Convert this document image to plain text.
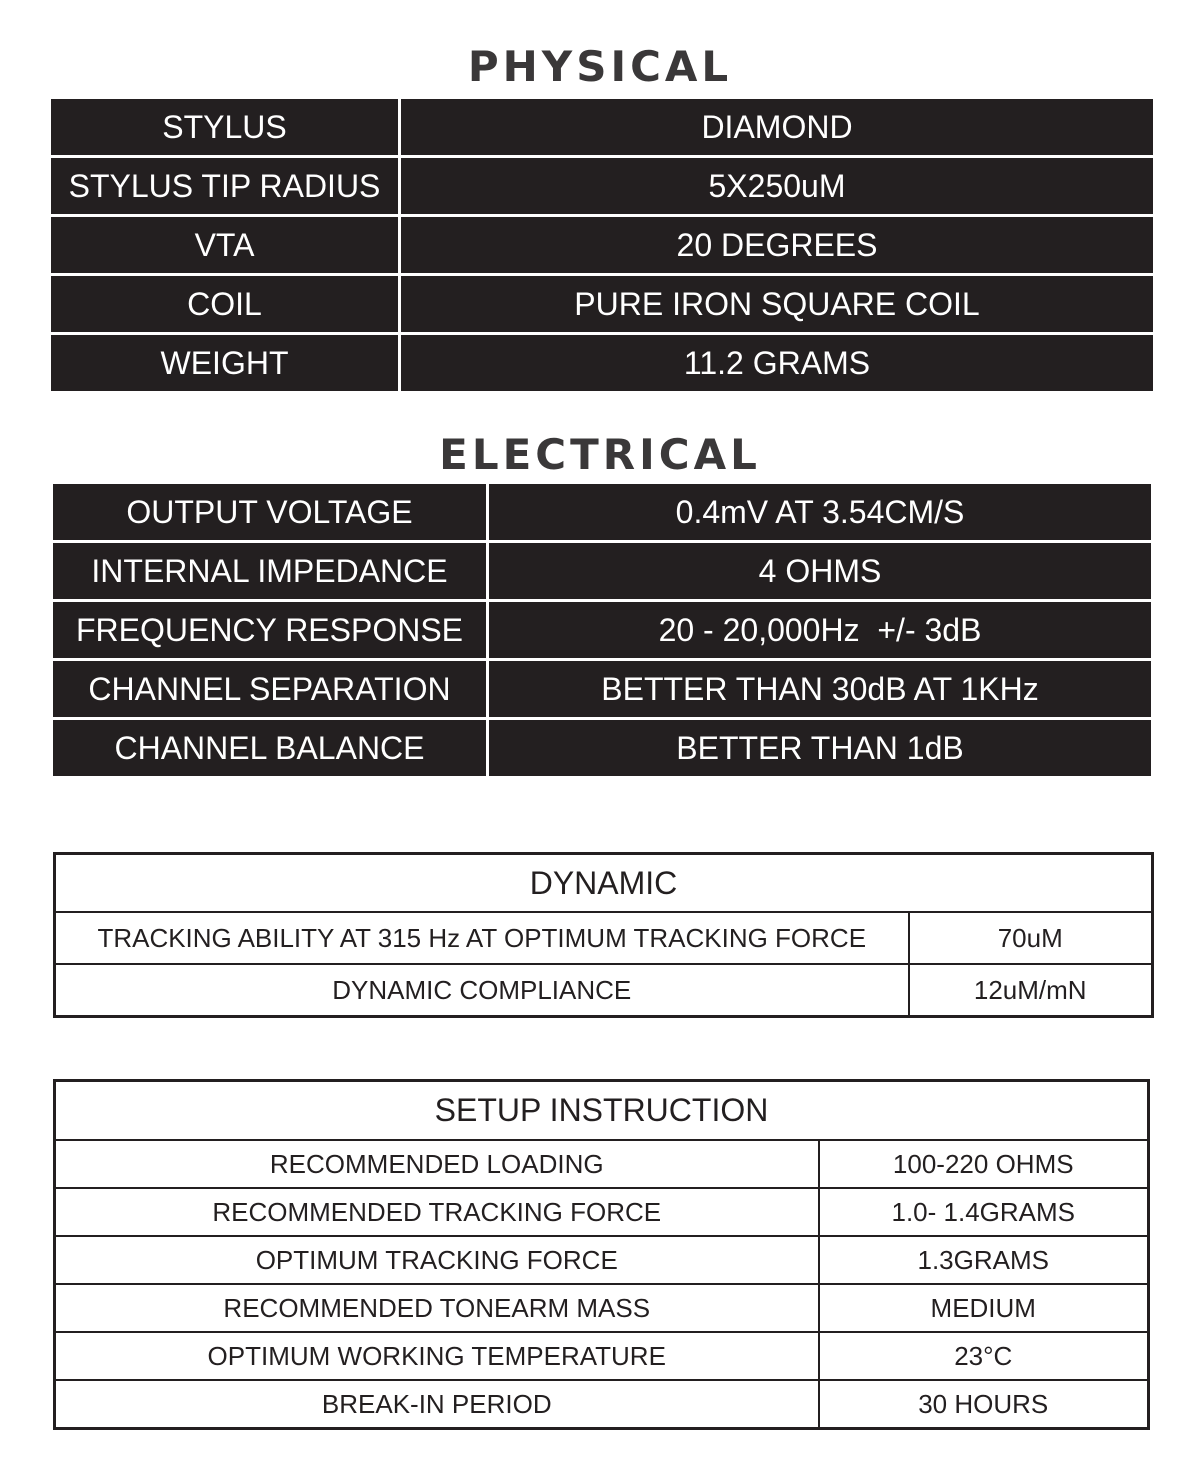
PHYSICAL
STYLUS	DIAMOND
STYLUS TIP RADIUS	5X250uM
VTA	20 DEGREES
COIL	PURE IRON SQUARE COIL
WEIGHT	11.2 GRAMS
ELECTRICAL
OUTPUT VOLTAGE	0.4mV AT 3.54CM/S
INTERNAL IMPEDANCE	4 OHMS
FREQUENCY RESPONSE	20 - 20,000Hz  +/- 3dB
CHANNEL SEPARATION	BETTER THAN 30dB AT 1KHz
CHANNEL BALANCE	BETTER THAN 1dB
DYNAMIC	
TRACKING ABILITY AT 315 Hz AT OPTIMUM TRACKING FORCE	70uM
DYNAMIC COMPLIANCE	12uM/mN
SETUP INSTRUCTION	
RECOMMENDED LOADING	100-220 OHMS
RECOMMENDED TRACKING FORCE	1.0- 1.4GRAMS
OPTIMUM TRACKING FORCE	1.3GRAMS
RECOMMENDED TONEARM MASS	MEDIUM
OPTIMUM WORKING TEMPERATURE	23°C
BREAK-IN PERIOD	30 HOURS
